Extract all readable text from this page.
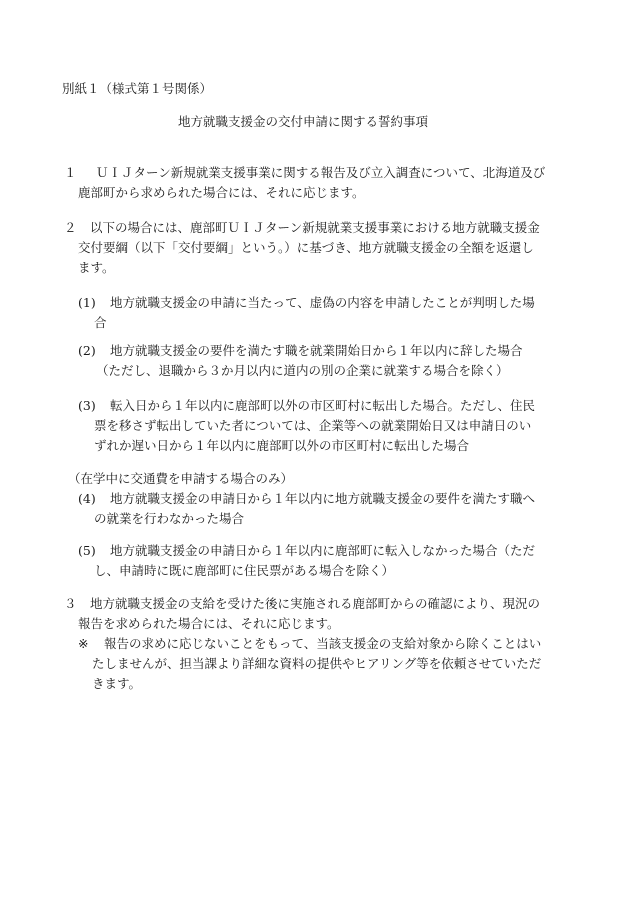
別紙１（様式第１号関係）
地方就職支援金の交付申請に関する誓約事項
１ ＵＩＪターン新規就業支援事業に関する報告及び立入調査について、北海道及び
鹿部町から求められた場合には、それに応じます。
２ 以下の場合には、鹿部町ＵＩＪターン新規就業支援事業における地方就職支援金
交付要綱（以下「交付要綱」という。）に基づき、地方就職支援金の全額を返還し
ます。
(1) 地方就職支援金の申請に当たって、虚偽の内容を申請したことが判明した場
合
(2) 地方就職支援金の要件を満たす職を就業開始日から１年以内に辞した場合
（ただし、退職から３か月以内に道内の別の企業に就業する場合を除く）
(3) 転入日から１年以内に鹿部町以外の市区町村に転出した場合。ただし、住民
票を移さず転出していた者については、企業等への就業開始日又は申請日のい
ずれか遅い日から１年以内に鹿部町以外の市区町村に転出した場合
（在学中に交通費を申請する場合のみ）
(4) 地方就職支援金の申請日から１年以内に地方就職支援金の要件を満たす職へ
の就業を行わなかった場合
(5) 地方就職支援金の申請日から１年以内に鹿部町に転入しなかった場合（ただ
し、申請時に既に鹿部町に住民票がある場合を除く）
３ 地方就職支援金の支給を受けた後に実施される鹿部町からの確認により、現況の
報告を求められた場合には、それに応じます。
※ 報告の求めに応じないことをもって、当該支援金の支給対象から除くことはい
たしませんが、担当課より詳細な資料の提供やヒアリング等を依頼させていただ
きます。
